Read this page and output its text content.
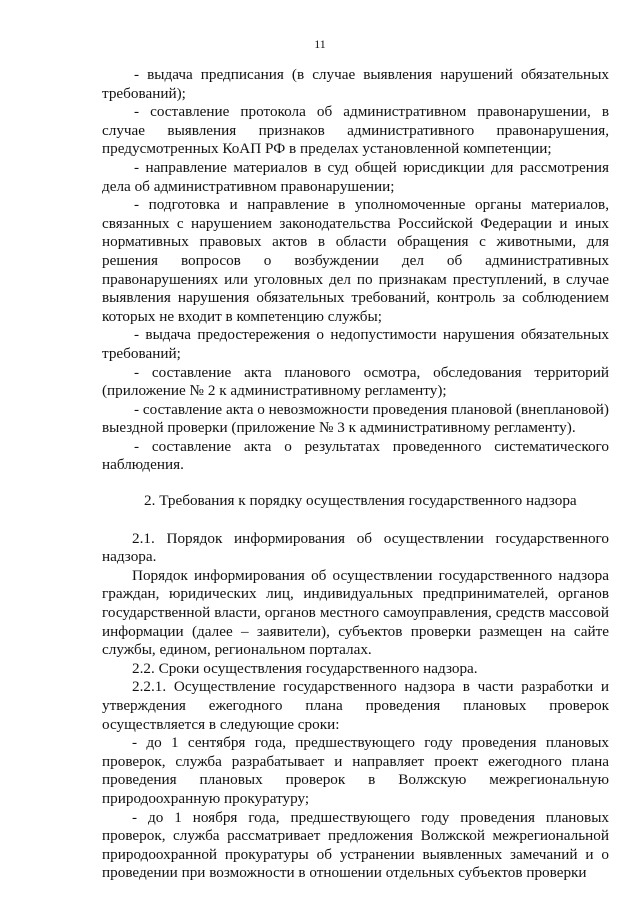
11

- выдача предписания (в случае выявления нарушений обязательных требований);

- составление протокола об административном правонарушении, в случае выявления признаков административного правонарушения, предусмотренных КоАП РФ в пределах установленной компетенции;

- направление материалов в суд общей юрисдикции для рассмотрения дела об административном правонарушении;

- подготовка и направление в уполномоченные органы материалов, связанных с нарушением законодательства Российской Федерации и иных нормативных правовых актов в области обращения с животными, для решения вопросов о возбуждении дел об административных правонарушениях или уголовных дел по признакам преступлений, в случае выявления нарушения обязательных требований, контроль за соблюдением которых не входит в компетенцию службы;

- выдача предостережения о недопустимости нарушения обязательных требований;

- составление акта планового осмотра, обследования территорий (приложение № 2 к административному регламенту);

- составление акта о невозможности проведения плановой (внеплановой) выездной проверки (приложение № 3 к административному регламенту).

- составление акта о результатах проведенного систематического наблюдения.

2. Требования к порядку осуществления государственного надзора

2.1. Порядок информирования об осуществлении государственного надзора.

Порядок информирования об осуществлении государственного надзора граждан, юридических лиц, индивидуальных предпринимателей, органов государственной власти, органов местного самоуправления, средств массовой информации (далее – заявители), субъектов проверки размещен на сайте службы, едином, региональном порталах.

2.2. Сроки осуществления государственного надзора.

2.2.1. Осуществление государственного надзора в части разработки и утверждения ежегодного плана проведения плановых проверок осуществляется в следующие сроки:

- до 1 сентября года, предшествующего году проведения плановых проверок, служба разрабатывает и направляет проект ежегодного плана проведения плановых проверок в Волжскую межрегиональную природоохранную прокуратуру;

- до 1 ноября года, предшествующего году проведения плановых проверок, служба рассматривает предложения Волжской межрегиональной природоохранной прокуратуры об устранении выявленных замечаний и о проведении при возможности в отношении отдельных субъектов проверки
